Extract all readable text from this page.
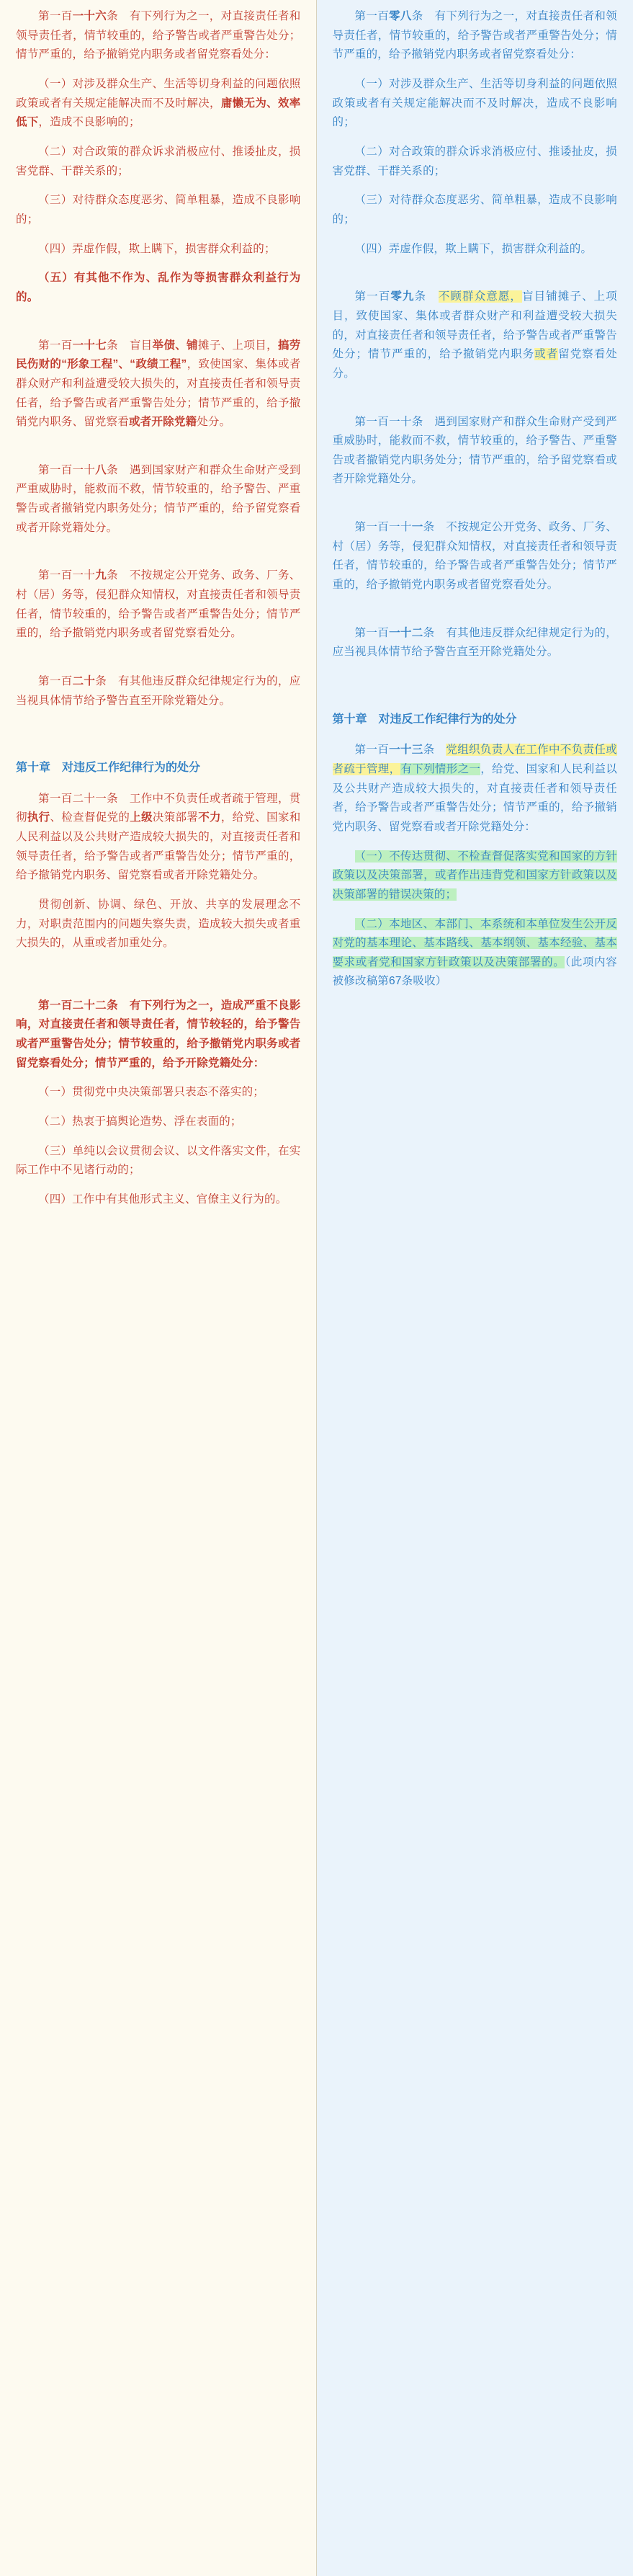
第一百一十六条　有下列行为之一，对直接责任者和领导责任者，情节较重的，给予警告或者严重警告处分；情节严重的，给予撤销党内职务或者留党察看处分：

（一）对涉及群众生产、生活等切身利益的问题依照政策或者有关规定能解决而不及时解决，庸懒无为、效率低下，造成不良影响的；

（二）对合政策的群众诉求消极应付、推诿扯皮，损害党群、干群关系的；

（三）对待群众态度恶劣、简单粗暴，造成不良影响的；

（四）弄虚作假，欺上瞒下，损害群众利益的；

（五）有其他不作为、乱作为等损害群众利益行为的。

第一百一十七条　盲目举债、铺摊子、上项目，搞劳民伤财的“形象工程”、“政绩工程”，致使国家、集体或者群众财产和利益遭受较大损失的，对直接责任者和领导责任者，给予警告或者严重警告处分；情节严重的，给予撤销党内职务、留党察看或者开除党籍处分。

第一百一十八条　遇到国家财产和群众生命财产受到严重威胁时，能救而不救，情节较重的，给予警告、严重警告或者撤销党内职务处分；情节严重的，给予留党察看或者开除党籍处分。

第一百一十九条　不按规定公开党务、政务、厂务、村（居）务等，侵犯群众知情权，对直接责任者和领导责任者，情节较重的，给予警告或者严重警告处分；情节严重的，给予撤销党内职务或者留党察看处分。

第一百二十条　有其他违反群众纪律规定行为的，应当视具体情节给予警告直至开除党籍处分。

第十章　对违反工作纪律行为的处分

第一百二十一条　工作中不负责任或者疏于管理，贯彻执行、检查督促党的上级决策部署不力，给党、国家和人民利益以及公共财产造成较大损失的，对直接责任者和领导责任者，给予警告或者严重警告处分；情节严重的，给予撤销党内职务、留党察看或者开除党籍处分。

贯彻创新、协调、绿色、开放、共享的发展理念不力，对职责范围内的问题失察失责，造成较大损失或者重大损失的，从重或者加重处分。

第一百二十二条　有下列行为之一，造成严重不良影响，对直接责任者和领导责任者，情节较轻的，给予警告或者严重警告处分；情节较重的，给予撤销党内职务或者留党察看处分；情节严重的，给予开除党籍处分：

（一）贯彻党中央决策部署只表态不落实的；

（二）热衷于搞舆论造势、浮在表面的；

（三）单纯以会议贯彻会议、以文件落实文件，在实际工作中不见诸行动的；

（四）工作中有其他形式主义、官僚主义行为的。

第一百零八条　有下列行为之一，对直接责任者和领导责任者，情节较重的，给予警告或者严重警告处分；情节严重的，给予撤销党内职务或者留党察看处分：

（一）对涉及群众生产、生活等切身利益的问题依照政策或者有关规定能解决而不及时解决，造成不良影响的；

（二）对合政策的群众诉求消极应付、推诿扯皮，损害党群、干群关系的；

（三）对待群众态度恶劣、简单粗暴，造成不良影响的；

（四）弄虚作假，欺上瞒下，损害群众利益的。

第一百零九条　不顾群众意愿，盲目铺摊子、上项目，致使国家、集体或者群众财产和利益遭受较大损失的，对直接责任者和领导责任者，给予警告或者严重警告处分；情节严重的，给予撤销党内职务或者留党察看处分。

第一百一十条　遇到国家财产和群众生命财产受到严重威胁时，能救而不救，情节较重的，给予警告、严重警告或者撤销党内职务处分；情节严重的，给予留党察看或者开除党籍处分。

第一百一十一条　不按规定公开党务、政务、厂务、村（居）务等，侵犯群众知情权，对直接责任者和领导责任者，情节较重的，给予警告或者严重警告处分；情节严重的，给予撤销党内职务或者留党察看处分。

第一百一十二条　有其他违反群众纪律规定行为的，应当视具体情节给予警告直至开除党籍处分。

第十章　对违反工作纪律行为的处分

第一百一十三条　党组织负责人在工作中不负责任或者疏于管理，有下列情形之一，给党、国家和人民利益以及公共财产造成较大损失的，对直接责任者和领导责任者，给予警告或者严重警告处分；情节严重的，给予撤销党内职务、留党察看或者开除党籍处分：

（一）不传达贯彻、不检查督促落实党和国家的方针政策以及决策部署，或者作出违背党和国家方针政策以及决策部署的错误决策的；

（二）本地区、本部门、本系统和本单位发生公开反对党的基本理论、基本路线、基本纲领、基本经验、基本要求或者党和国家方针政策以及决策部署的。（此项内容被修改稿第67条吸收）
